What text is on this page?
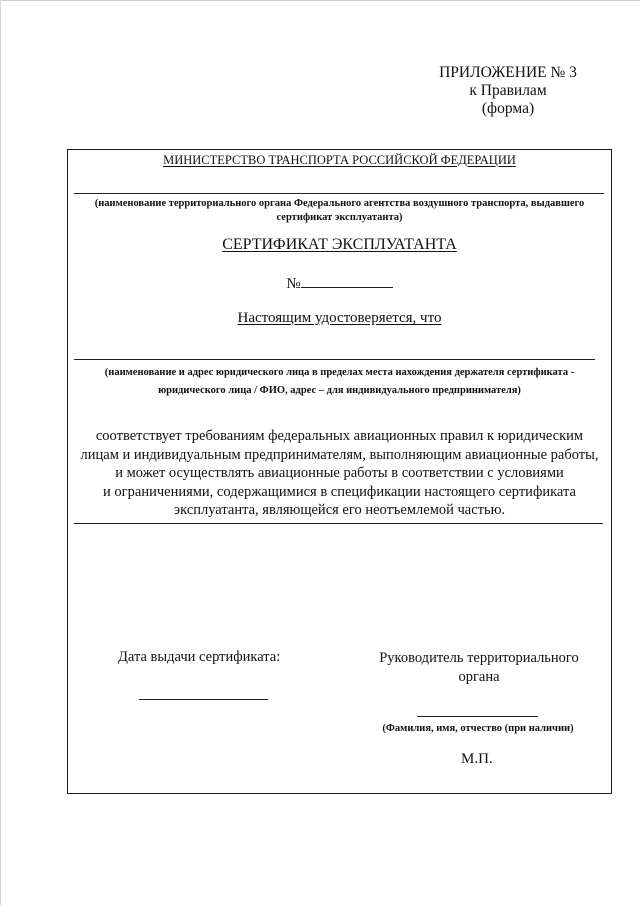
ПРИЛОЖЕНИЕ № 3
к Правилам
(форма)
МИНИСТЕРСТВО ТРАНСПОРТА РОССИЙСКОЙ ФЕДЕРАЦИИ
(наименование территориального органа Федерального агентства воздушного транспорта, выдавшего
сертификат эксплуатанта)
СЕРТИФИКАТ ЭКСПЛУАТАНТА
№
Настоящим удостоверяется, что
(наименование и адрес юридического лица в пределах места нахождения держателя сертификата -
юридического лица / ФИО, адрес – для индивидуального предпринимателя)
соответствует требованиям федеральных авиационных правил к юридическим
лицам и индивидуальным предпринимателям, выполняющим авиационные работы,
и может осуществлять авиационные работы в соответствии с условиями
и ограничениями, содержащимися в спецификации настоящего сертификата
эксплуатанта, являющейся его неотъемлемой частью.
Дата выдачи сертификата:	Руководитель территориального
органа
(Фамилия, имя, отчество (при наличии)
М.П.
